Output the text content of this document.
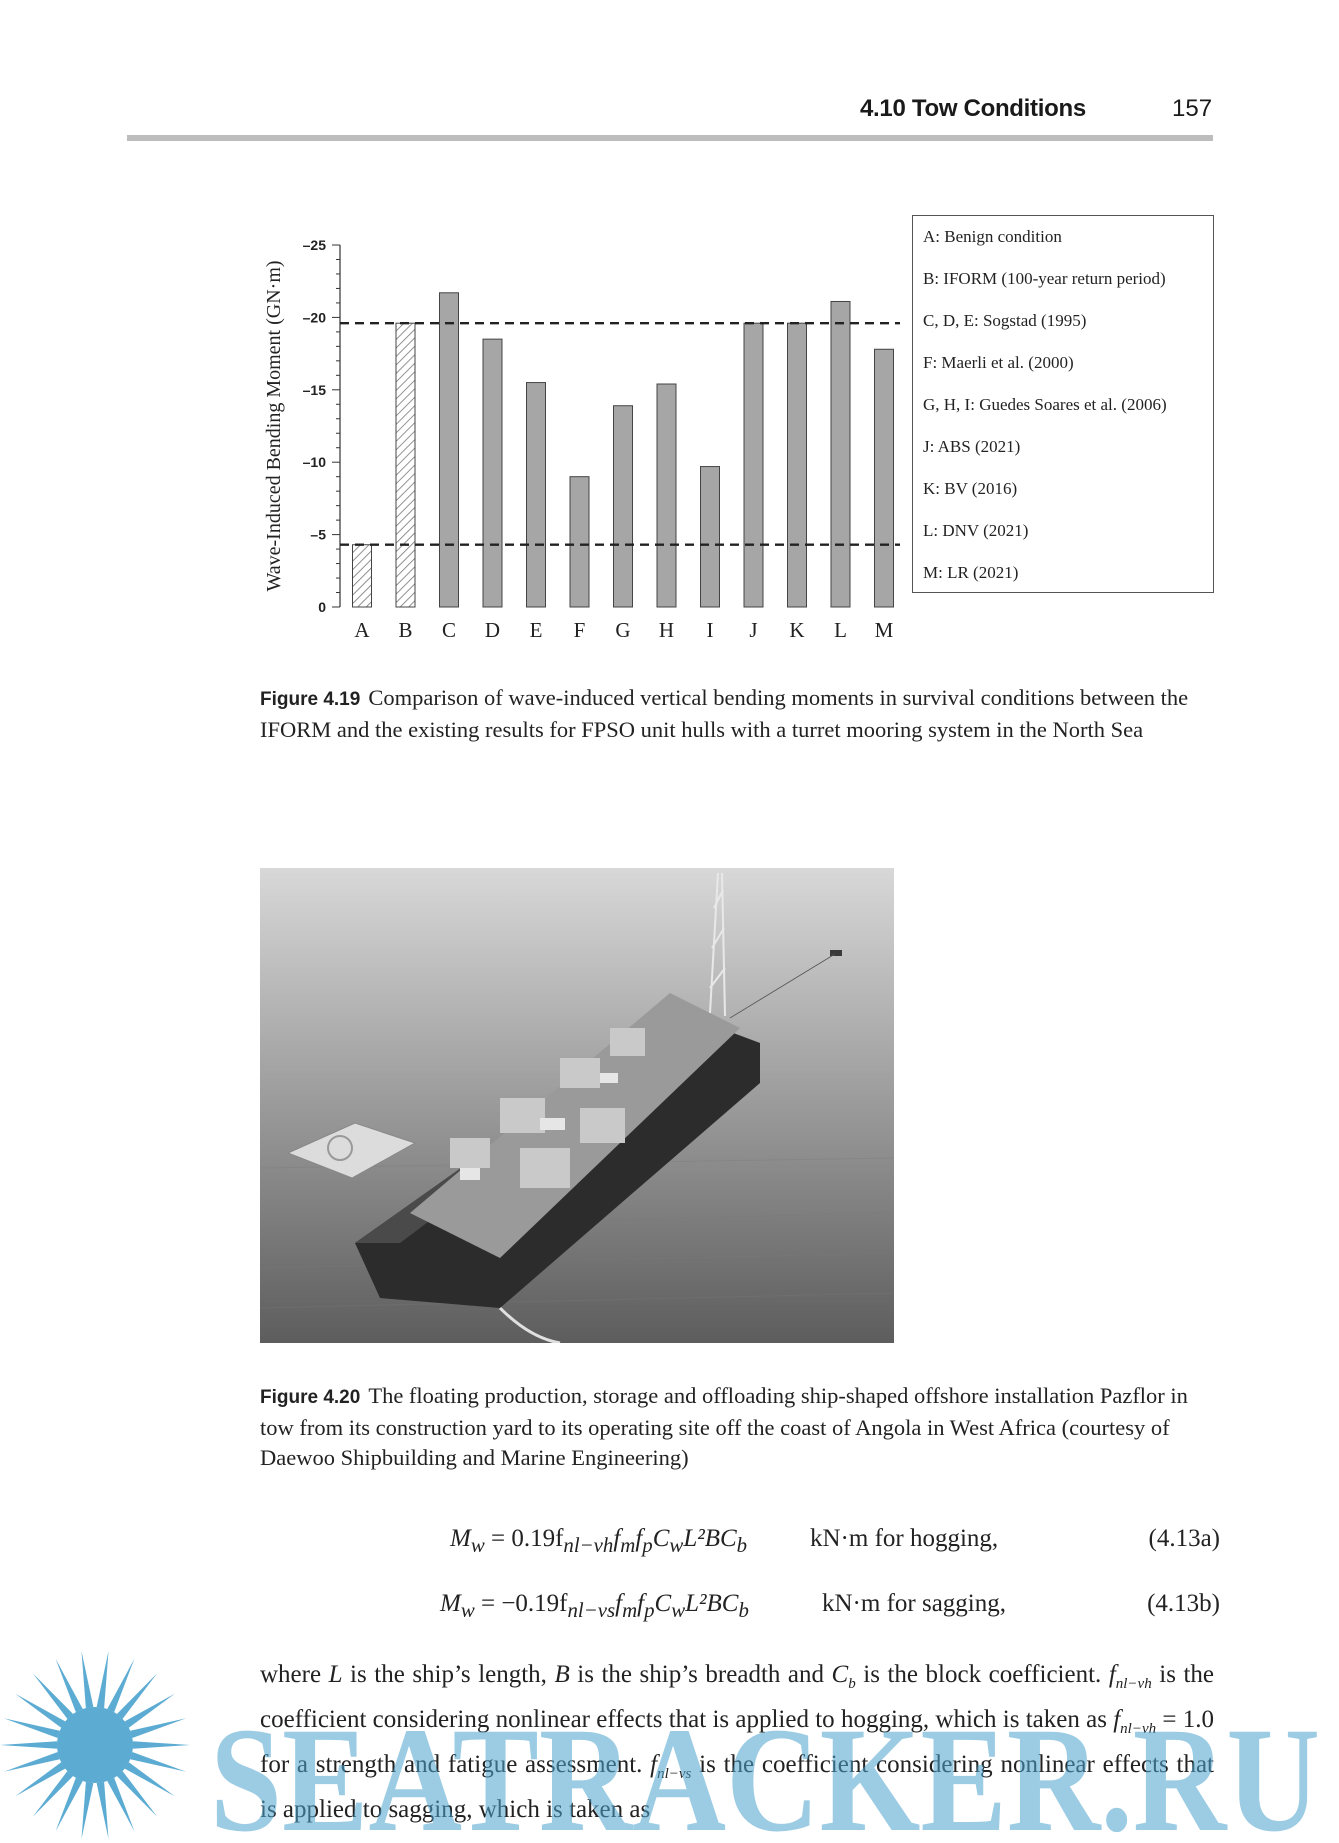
4.10 Tow Conditions	157
0
–5
–10
–15
–20
–25
Wave-Induced Bending Moment (GN·m)
A B C D E F G H I J K L M
A: Benign condition
B: IFORM (100-year return period)
C, D, E: Sogstad (1995)
F: Maerli et al. (2000)
G, H, I: Guedes Soares et al. (2006)
J: ABS (2021)
K: BV (2016)
L: DNV (2021)
M: LR (2021)
Figure 4.19 Comparison of wave-induced vertical bending moments in survival conditions between the IFORM and the existing results for FPSO unit hulls with a turret mooring system in the North Sea
Figure 4.20 The floating production, storage and offloading ship-shaped offshore installation Pazflor in tow from its construction yard to its operating site off the coast of Angola in West Africa (courtesy of Daewoo Shipbuilding and Marine Engineering)
$M_w = 0.19f_{nl-vh}f_mf_pC_wL^2BC_b$	kN·m for hogging,	(4.13a)
$M_w = -0.19f_{nl-vs}f_mf_pC_wL^2BC_b$	kN·m for sagging,	(4.13b)
where L is the ship’s length, B is the ship’s breadth and $C_b$ is the block coefficient. $f_{nl-vh}$ is the coefficient considering nonlinear effects that is applied to hogging, which is taken as $f_{nl-vh} = 1.0$ for a strength and fatigue assessment. $f_{nl-vs}$ is the coefficient considering nonlinear effects that is applied to sagging, which is taken as
SEATRACKER.RU
